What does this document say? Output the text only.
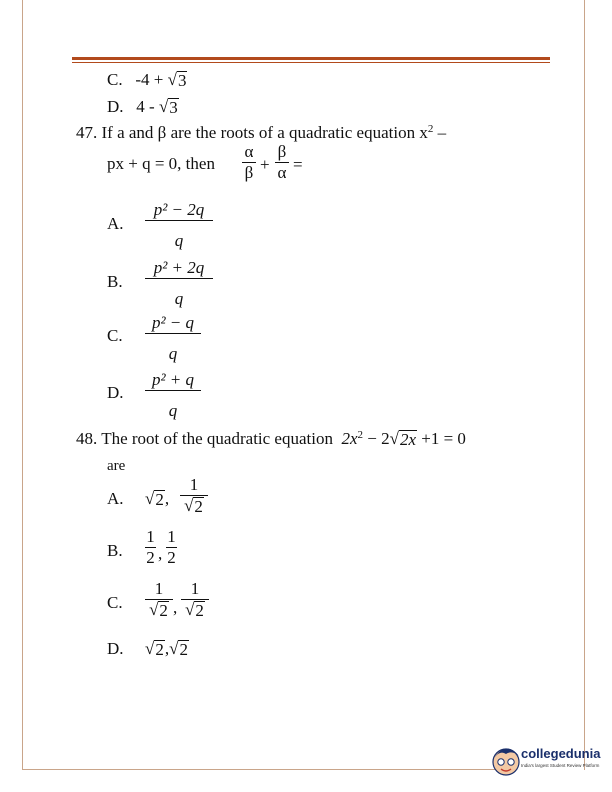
C. -4 + √ 3
D. 4 - √ 3
47. If a and β are the roots of a quadratic equation $x^2$ –
px + q = 0, then
α
β +
β
α =
A.
p² − 2q
q
B.
p² + 2q
q
C.
p² − q
q
D.
p² + q
q
48. The root of the quadratic equation $2x^2 - 2$ √ 2x +1 = 0
are
A. √ 2 ,
1
√ 2
B.
1
2 ,
1
2
C.
1
√ 2 ,
1
√ 2
D. √ 2 , √ 2
collegedunia
India's largest Student Review Platform
